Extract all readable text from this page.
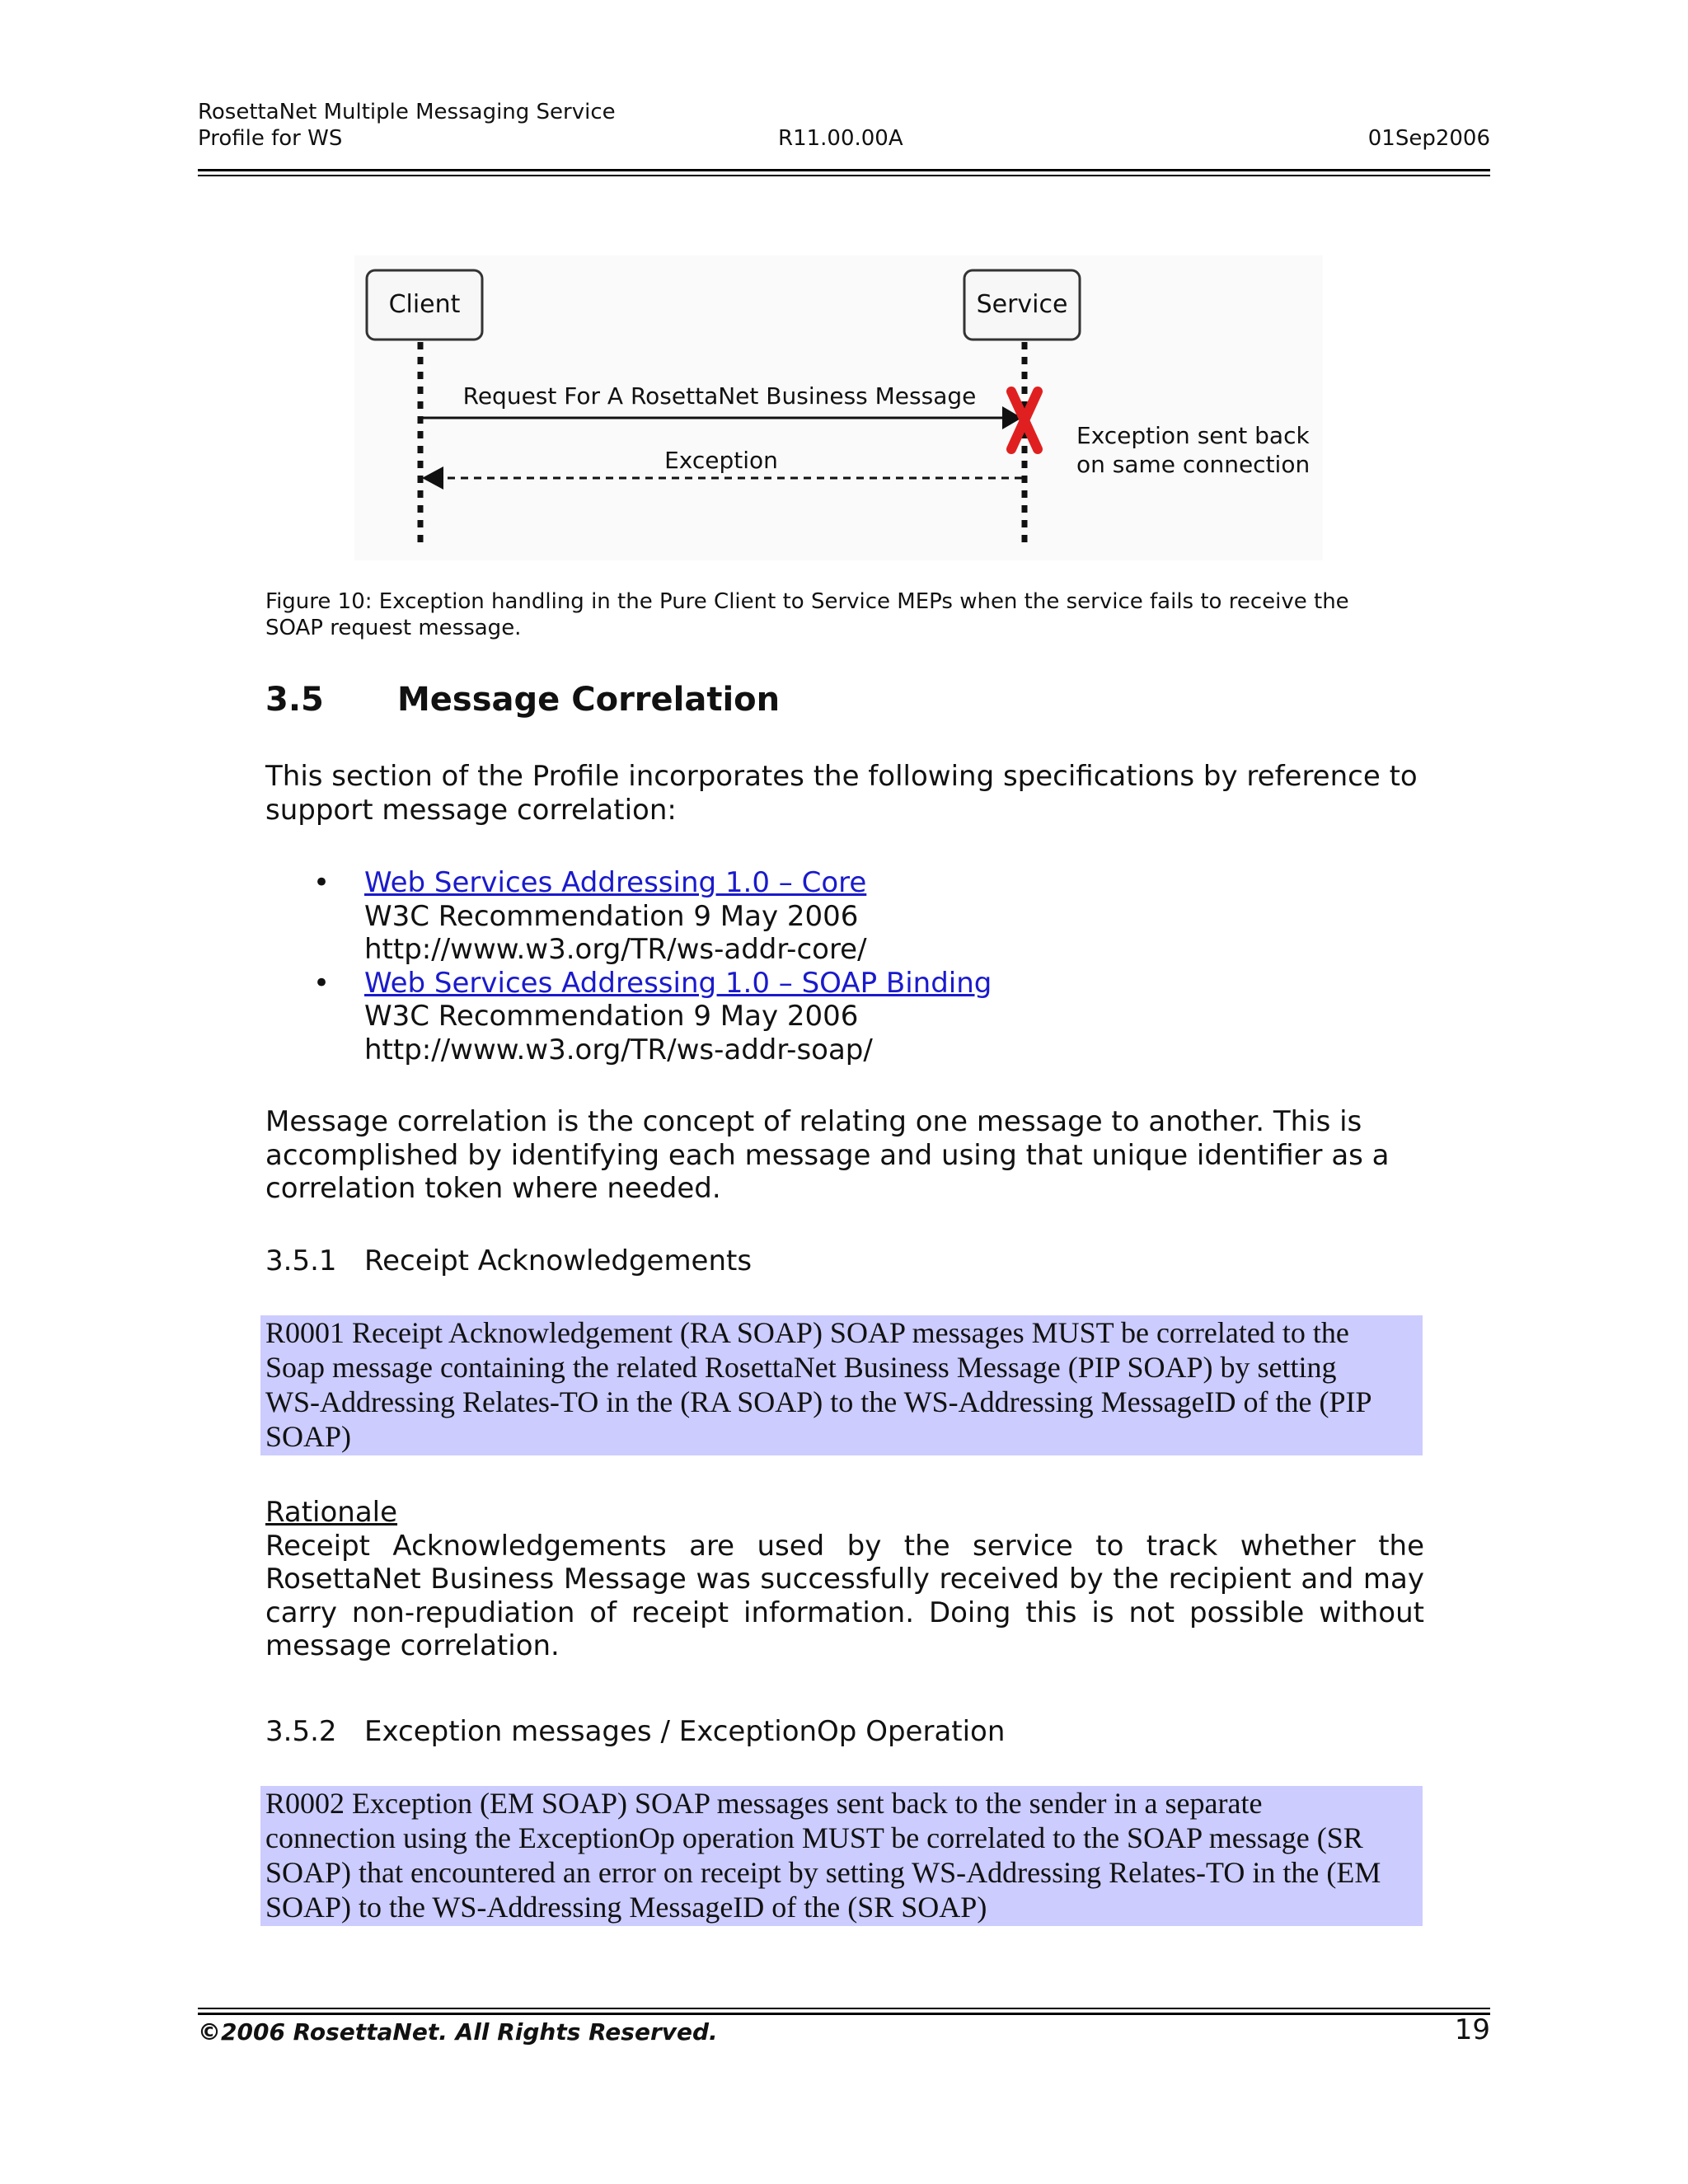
RosettaNet Multiple Messaging Service
Profile for WS	R11.00.00A	01Sep2006
Client	Service
Request For A RosettaNet Business Message
Exception
Exception sent back
on same connection
Figure 10: Exception handling in the Pure Client to Service MEPs when the service fails to receive the
SOAP request message.
3.5 Message Correlation
This section of the Profile incorporates the following specifications by reference to
support message correlation:
• Web Services Addressing 1.0 – Core
W3C Recommendation 9 May 2006
http://www.w3.org/TR/ws-addr-core/
• Web Services Addressing 1.0 – SOAP Binding
W3C Recommendation 9 May 2006
http://www.w3.org/TR/ws-addr-soap/
Message correlation is the concept of relating one message to another. This is
accomplished by identifying each message and using that unique identifier as a
correlation token where needed.
3.5.1 Receipt Acknowledgements
R0001 Receipt Acknowledgement (RA SOAP) SOAP messages MUST be correlated to the
Soap message containing the related RosettaNet Business Message (PIP SOAP) by setting
WS-Addressing Relates-TO in the (RA SOAP) to the WS-Addressing MessageID of the (PIP
SOAP)
Rationale
Receipt Acknowledgements are used by the service to track whether the
RosettaNet Business Message was successfully received by the recipient and may
carry non-repudiation of receipt information. Doing this is not possible without
message correlation.
3.5.2 Exception messages / ExceptionOp Operation
R0002 Exception (EM SOAP) SOAP messages sent back to the sender in a separate
connection using the ExceptionOp operation MUST be correlated to the SOAP message (SR
SOAP) that encountered an error on receipt by setting WS-Addressing Relates-TO in the (EM
SOAP) to the WS-Addressing MessageID of the (SR SOAP)
©2006 RosettaNet. All Rights Reserved.	19
